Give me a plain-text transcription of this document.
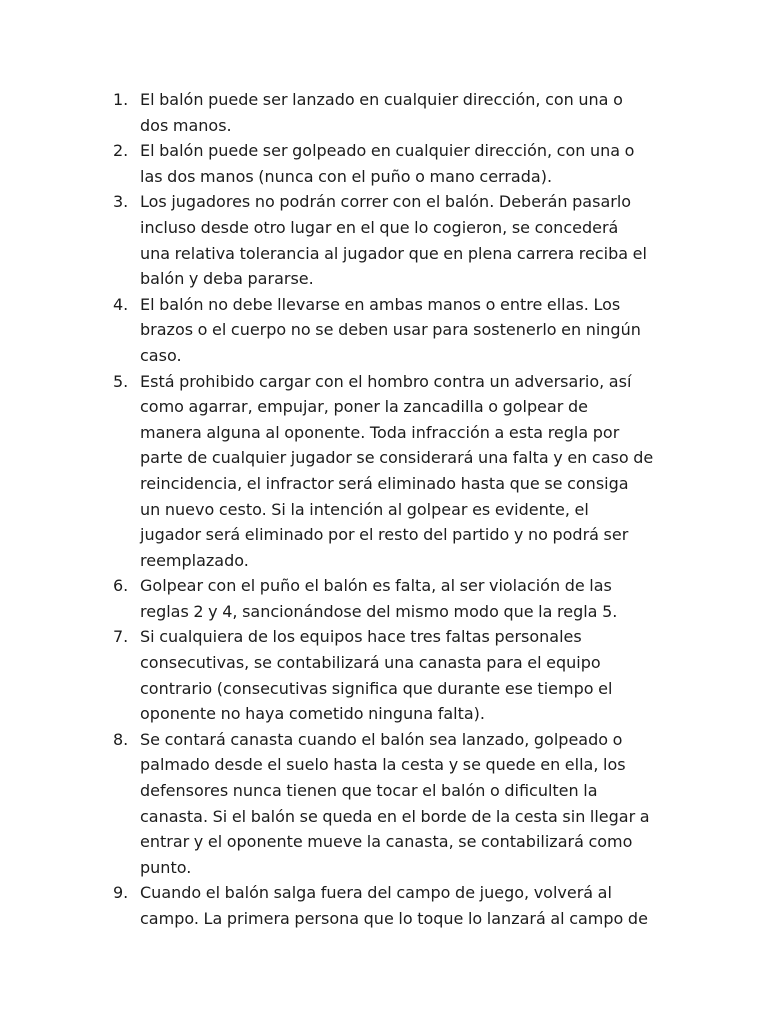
1. El balón puede ser lanzado en cualquier dirección, con una o
dos manos.
2. El balón puede ser golpeado en cualquier dirección, con una o
las dos manos (nunca con el puño o mano cerrada).
3. Los jugadores no podrán correr con el balón. Deberán pasarlo
incluso desde otro lugar en el que lo cogieron, se concederá
una relativa tolerancia al jugador que en plena carrera reciba el
balón y deba pararse.
4. El balón no debe llevarse en ambas manos o entre ellas. Los
brazos o el cuerpo no se deben usar para sostenerlo en ningún
caso.
5. Está prohibido cargar con el hombro contra un adversario, así
como agarrar, empujar, poner la zancadilla o golpear de
manera alguna al oponente. Toda infracción a esta regla por
parte de cualquier jugador se considerará una falta y en caso de
reincidencia, el infractor será eliminado hasta que se consiga
un nuevo cesto. Si la intención al golpear es evidente, el
jugador será eliminado por el resto del partido y no podrá ser
reemplazado.
6. Golpear con el puño el balón es falta, al ser violación de las
reglas 2 y 4, sancionándose del mismo modo que la regla 5.
7. Si cualquiera de los equipos hace tres faltas personales
consecutivas, se contabilizará una canasta para el equipo
contrario (consecutivas significa que durante ese tiempo el
oponente no haya cometido ninguna falta).
8. Se contará canasta cuando el balón sea lanzado, golpeado o
palmado desde el suelo hasta la cesta y se quede en ella, los
defensores nunca tienen que tocar el balón o dificulten la
canasta. Si el balón se queda en el borde de la cesta sin llegar a
entrar y el oponente mueve la canasta, se contabilizará como
punto.
9. Cuando el balón salga fuera del campo de juego, volverá al
campo. La primera persona que lo toque lo lanzará al campo de
